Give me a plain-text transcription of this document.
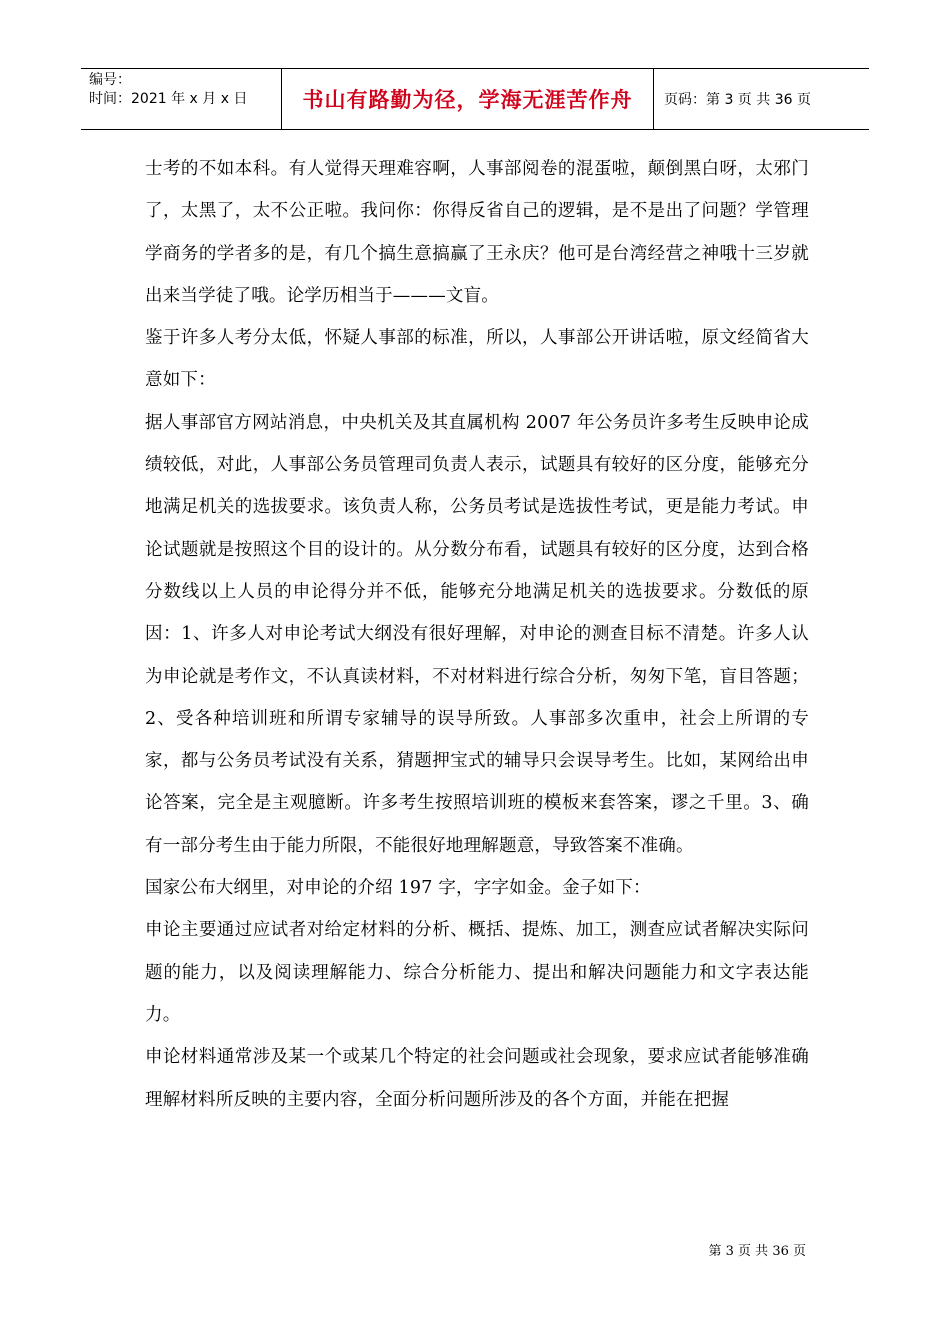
编号：
时间：2021 年 x 月 x 日	书山有路勤为径，学海无涯苦作舟	页码：第 3 页 共 36 页

士考的不如本科。有人觉得天理难容啊，人事部阅卷的混蛋啦，颠倒黑白呀，太邪门了，太黑了，太不公正啦。我问你：你得反省自己的逻辑，是不是出了问题？学管理学商务的学者多的是，有几个搞生意搞赢了王永庆？他可是台湾经营之神哦十三岁就出来当学徒了哦。论学历相当于———文盲。

鉴于许多人考分太低，怀疑人事部的标准，所以，人事部公开讲话啦，原文经简省大意如下：

据人事部官方网站消息，中央机关及其直属机构 2007 年公务员许多考生反映申论成绩较低，对此，人事部公务员管理司负责人表示，试题具有较好的区分度，能够充分地满足机关的选拔要求。该负责人称，公务员考试是选拔性考试，更是能力考试。申论试题就是按照这个目的设计的。从分数分布看，试题具有较好的区分度，达到合格分数线以上人员的申论得分并不低，能够充分地满足机关的选拔要求。分数低的原因：1、许多人对申论考试大纲没有很好理解，对申论的测查目标不清楚。许多人认为申论就是考作文，不认真读材料，不对材料进行综合分析，匆匆下笔，盲目答题；2、受各种培训班和所谓专家辅导的误导所致。人事部多次重申，社会上所谓的专家，都与公务员考试没有关系，猜题押宝式的辅导只会误导考生。比如，某网给出申论答案，完全是主观臆断。许多考生按照培训班的模板来套答案，谬之千里。3、确有一部分考生由于能力所限，不能很好地理解题意，导致答案不准确。

国家公布大纲里，对申论的介绍 197 字，字字如金。金子如下：

申论主要通过应试者对给定材料的分析、概括、提炼、加工，测查应试者解决实际问题的能力，以及阅读理解能力、综合分析能力、提出和解决问题能力和文字表达能力。

申论材料通常涉及某一个或某几个特定的社会问题或社会现象，要求应试者能够准确理解材料所反映的主要内容，全面分析问题所涉及的各个方面，并能在把握

第 3 页 共 36 页
